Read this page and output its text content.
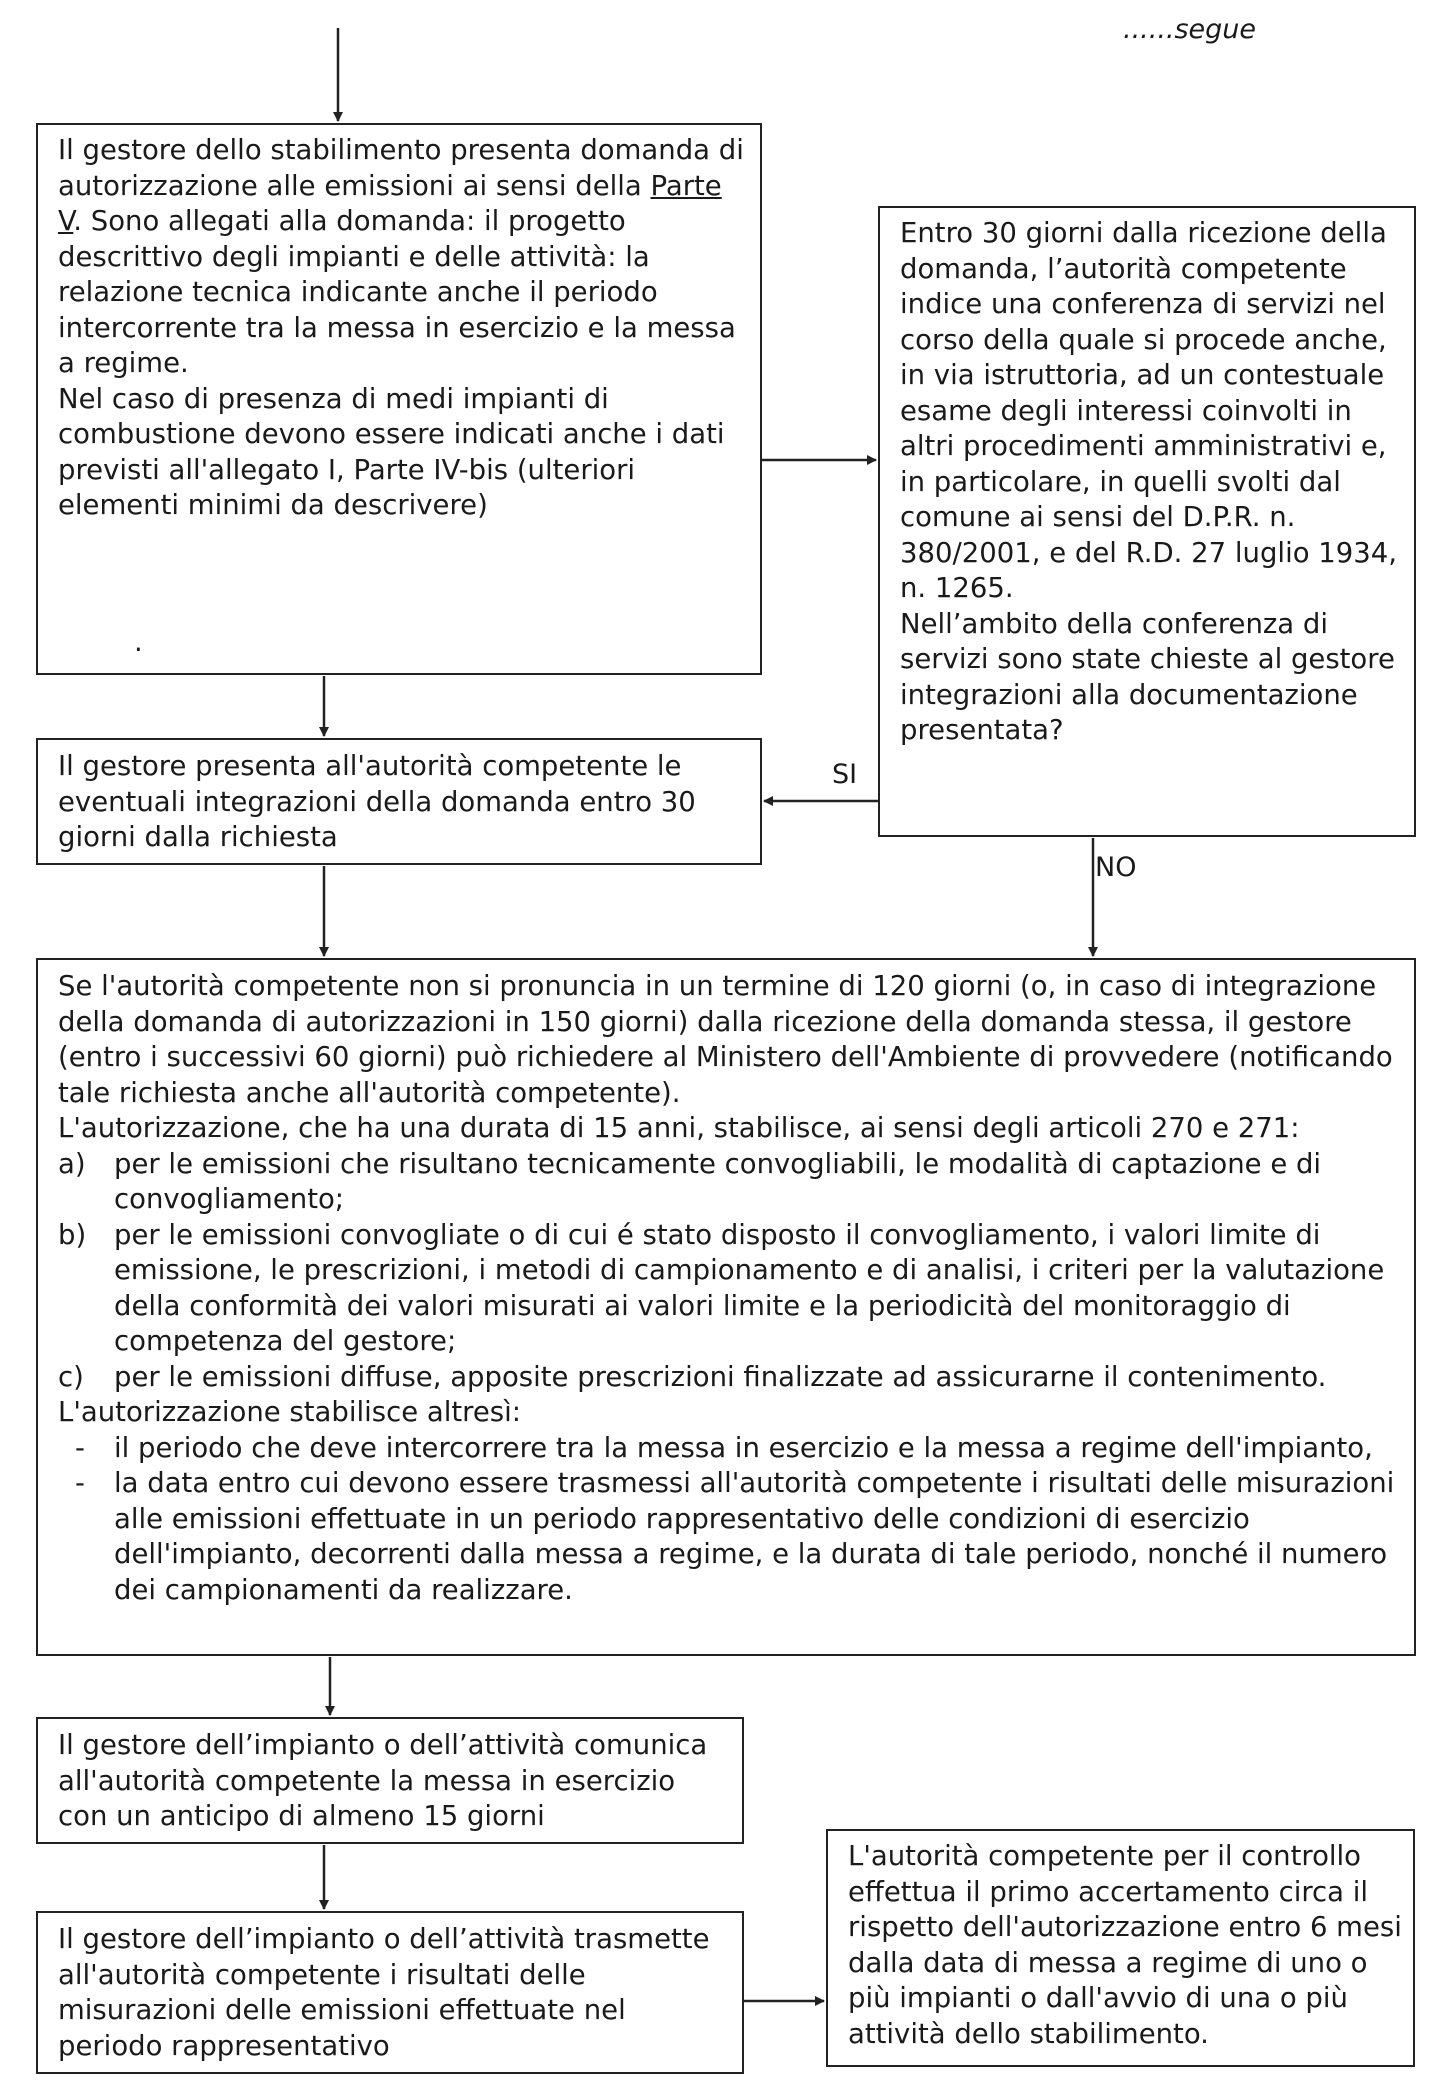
......segue

Il gestore dello stabilimento presenta domanda di autorizzazione alle emissioni ai sensi della Parte V. Sono allegati alla domanda: il progetto descrittivo degli impianti e delle attività: la relazione tecnica indicante anche il periodo intercorrente tra la messa in esercizio e la messa a regime.

Nel caso di presenza di medi impianti di combustione devono essere indicati anche i dati previsti all'allegato I, Parte IV-bis (ulteriori elementi minimi da descrivere)

.

Entro 30 giorni dalla ricezione della domanda, l’autorità competente indice una conferenza di servizi nel corso della quale si procede anche, in via istruttoria, ad un contestuale esame degli interessi coinvolti in altri procedimenti amministrativi e, in particolare, in quelli svolti dal comune ai sensi del D.P.R. n. 380/2001, e del R.D. 27 luglio 1934, n. 1265.

Nell’ambito della conferenza di servizi sono state chieste al gestore integrazioni alla documentazione presentata?

Il gestore presenta all'autorità competente le eventuali integrazioni della domanda entro 30 giorni dalla richiesta

SI
NO

Se l'autorità competente non si pronuncia in un termine di 120 giorni (o, in caso di integrazione della domanda di autorizzazioni in 150 giorni) dalla ricezione della domanda stessa, il gestore (entro i successivi 60 giorni) può richiedere al Ministero dell'Ambiente di provvedere (notificando tale richiesta anche all'autorità competente).

L'autorizzazione, che ha una durata di 15 anni, stabilisce, ai sensi degli articoli 270 e 271:

a) per le emissioni che risultano tecnicamente convogliabili, le modalità di captazione e di convogliamento;

b) per le emissioni convogliate o di cui é stato disposto il convogliamento, i valori limite di emissione, le prescrizioni, i metodi di campionamento e di analisi, i criteri per la valutazione della conformità dei valori misurati ai valori limite e la periodicità del monitoraggio di competenza del gestore;

c) per le emissioni diffuse, apposite prescrizioni finalizzate ad assicurarne il contenimento.

L'autorizzazione stabilisce altresì:

- il periodo che deve intercorrere tra la messa in esercizio e la messa a regime dell'impianto,

- la data entro cui devono essere trasmessi all'autorità competente i risultati delle misurazioni alle emissioni effettuate in un periodo rappresentativo delle condizioni di esercizio dell'impianto, decorrenti dalla messa a regime, e la durata di tale periodo, nonché il numero dei campionamenti da realizzare.

Il gestore dell’impianto o dell’attività comunica all'autorità competente la messa in esercizio con un anticipo di almeno 15 giorni

Il gestore dell’impianto o dell’attività trasmette all'autorità competente i risultati delle misurazioni delle emissioni effettuate nel periodo rappresentativo

L'autorità competente per il controllo effettua il primo accertamento circa il rispetto dell'autorizzazione entro 6 mesi dalla data di messa a regime di uno o più impianti o dall'avvio di una o più attività dello stabilimento.
